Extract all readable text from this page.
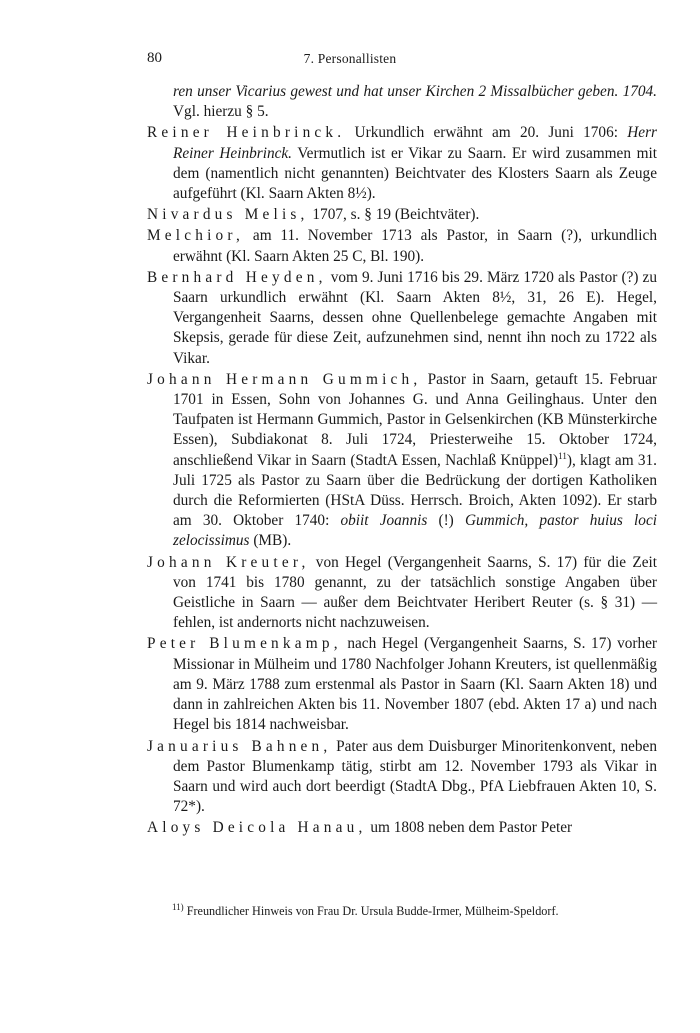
80	7. Personallisten

ren unser Vicarius gewest und hat unser Kirchen 2 Missalbücher geben. 1704. Vgl. hierzu § 5.

Reiner Heinbrinck. Urkundlich erwähnt am 20. Juni 1706: Herr Reiner Heinbrinck. Vermutlich ist er Vikar zu Saarn. Er wird zusammen mit dem (namentlich nicht genannten) Beichtvater des Klosters Saarn als Zeuge aufgeführt (Kl. Saarn Akten 8½).

Nivardus Melis, 1707, s. § 19 (Beichtväter).

Melchior, am 11. November 1713 als Pastor, in Saarn (?), urkundlich erwähnt (Kl. Saarn Akten 25 C, Bl. 190).

Bernhard Heyden, vom 9. Juni 1716 bis 29. März 1720 als Pastor (?) zu Saarn urkundlich erwähnt (Kl. Saarn Akten 8½, 31, 26 E). Hegel, Vergangenheit Saarns, dessen ohne Quellenbelege gemachte Angaben mit Skepsis, gerade für diese Zeit, aufzunehmen sind, nennt ihn noch zu 1722 als Vikar.

Johann Hermann Gummich, Pastor in Saarn, getauft 15. Februar 1701 in Essen, Sohn von Johannes G. und Anna Geilinghaus. Unter den Taufpaten ist Hermann Gummich, Pastor in Gelsenkirchen (KB Münsterkirche Essen), Subdiakonat 8. Juli 1724, Priesterweihe 15. Oktober 1724, anschließend Vikar in Saarn (StadtA Essen, Nachlaß Knüppel)$^{11}$), klagt am 31. Juli 1725 als Pastor zu Saarn über die Bedrückung der dortigen Katholiken durch die Reformierten (HStA Düss. Herrsch. Broich, Akten 1092). Er starb am 30. Oktober 1740: obiit Joannis (!) Gummich, pastor huius loci zelocissimus (MB).

Johann Kreuter, von Hegel (Vergangenheit Saarns, S. 17) für die Zeit von 1741 bis 1780 genannt, zu der tatsächlich sonstige Angaben über Geistliche in Saarn — außer dem Beichtvater Heribert Reuter (s. § 31) — fehlen, ist andernorts nicht nachzuweisen.

Peter Blumenkamp, nach Hegel (Vergangenheit Saarns, S. 17) vorher Missionar in Mülheim und 1780 Nachfolger Johann Kreuters, ist quellenmäßig am 9. März 1788 zum erstenmal als Pastor in Saarn (Kl. Saarn Akten 18) und dann in zahlreichen Akten bis 11. November 1807 (ebd. Akten 17 a) und nach Hegel bis 1814 nachweisbar.

Januarius Bahnen, Pater aus dem Duisburger Minoritenkonvent, neben dem Pastor Blumenkamp tätig, stirbt am 12. November 1793 als Vikar in Saarn und wird auch dort beerdigt (StadtA Dbg., PfA Liebfrauen Akten 10, S. 72*).

Aloys Deicola Hanau, um 1808 neben dem Pastor Peter

$^{11)}$ Freundlicher Hinweis von Frau Dr. Ursula Budde-Irmer, Mülheim-Speldorf.
